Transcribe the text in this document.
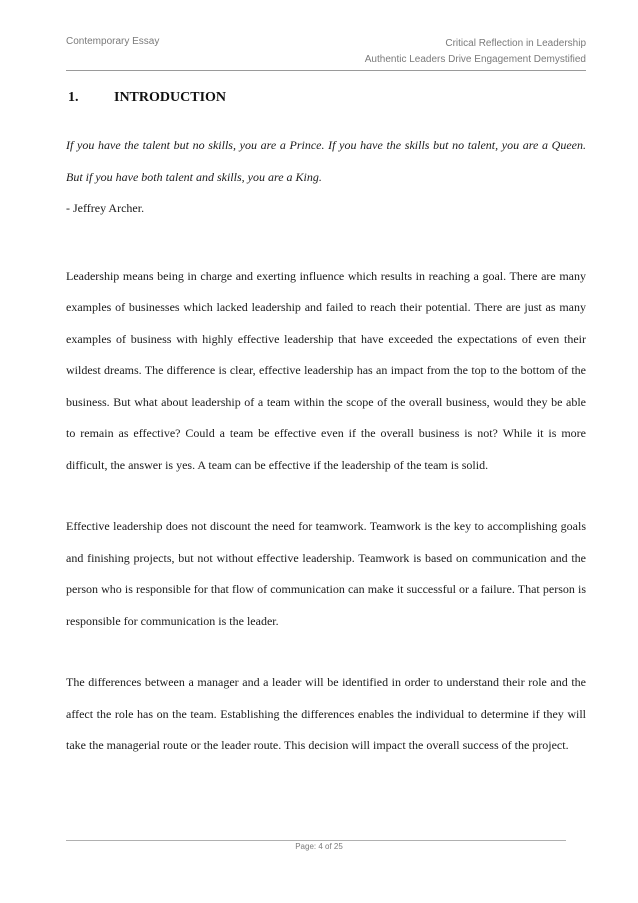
Contemporary Essay	Critical Reflection in Leadership
Authentic Leaders Drive Engagement Demystified
1.	INTRODUCTION

If you have the talent but no skills, you are a Prince. If you have the skills but no talent, you are a Queen. But if you have both talent and skills, you are a King.

- Jeffrey Archer.

Leadership means being in charge and exerting influence which results in reaching a goal. There are many examples of businesses which lacked leadership and failed to reach their potential. There are just as many examples of business with highly effective leadership that have exceeded the expectations of even their wildest dreams. The difference is clear, effective leadership has an impact from the top to the bottom of the business. But what about leadership of a team within the scope of the overall business, would they be able to remain as effective? Could a team be effective even if the overall business is not? While it is more difficult, the answer is yes. A team can be effective if the leadership of the team is solid.

Effective leadership does not discount the need for teamwork. Teamwork is the key to accomplishing goals and finishing projects, but not without effective leadership. Teamwork is based on communication and the person who is responsible for that flow of communication can make it successful or a failure. That person is responsible for communication is the leader.

The differences between a manager and a leader will be identified in order to understand their role and the affect the role has on the team. Establishing the differences enables the individual to determine if they will take the managerial route or the leader route. This decision will impact the overall success of the project.

Page: 4 of 25
